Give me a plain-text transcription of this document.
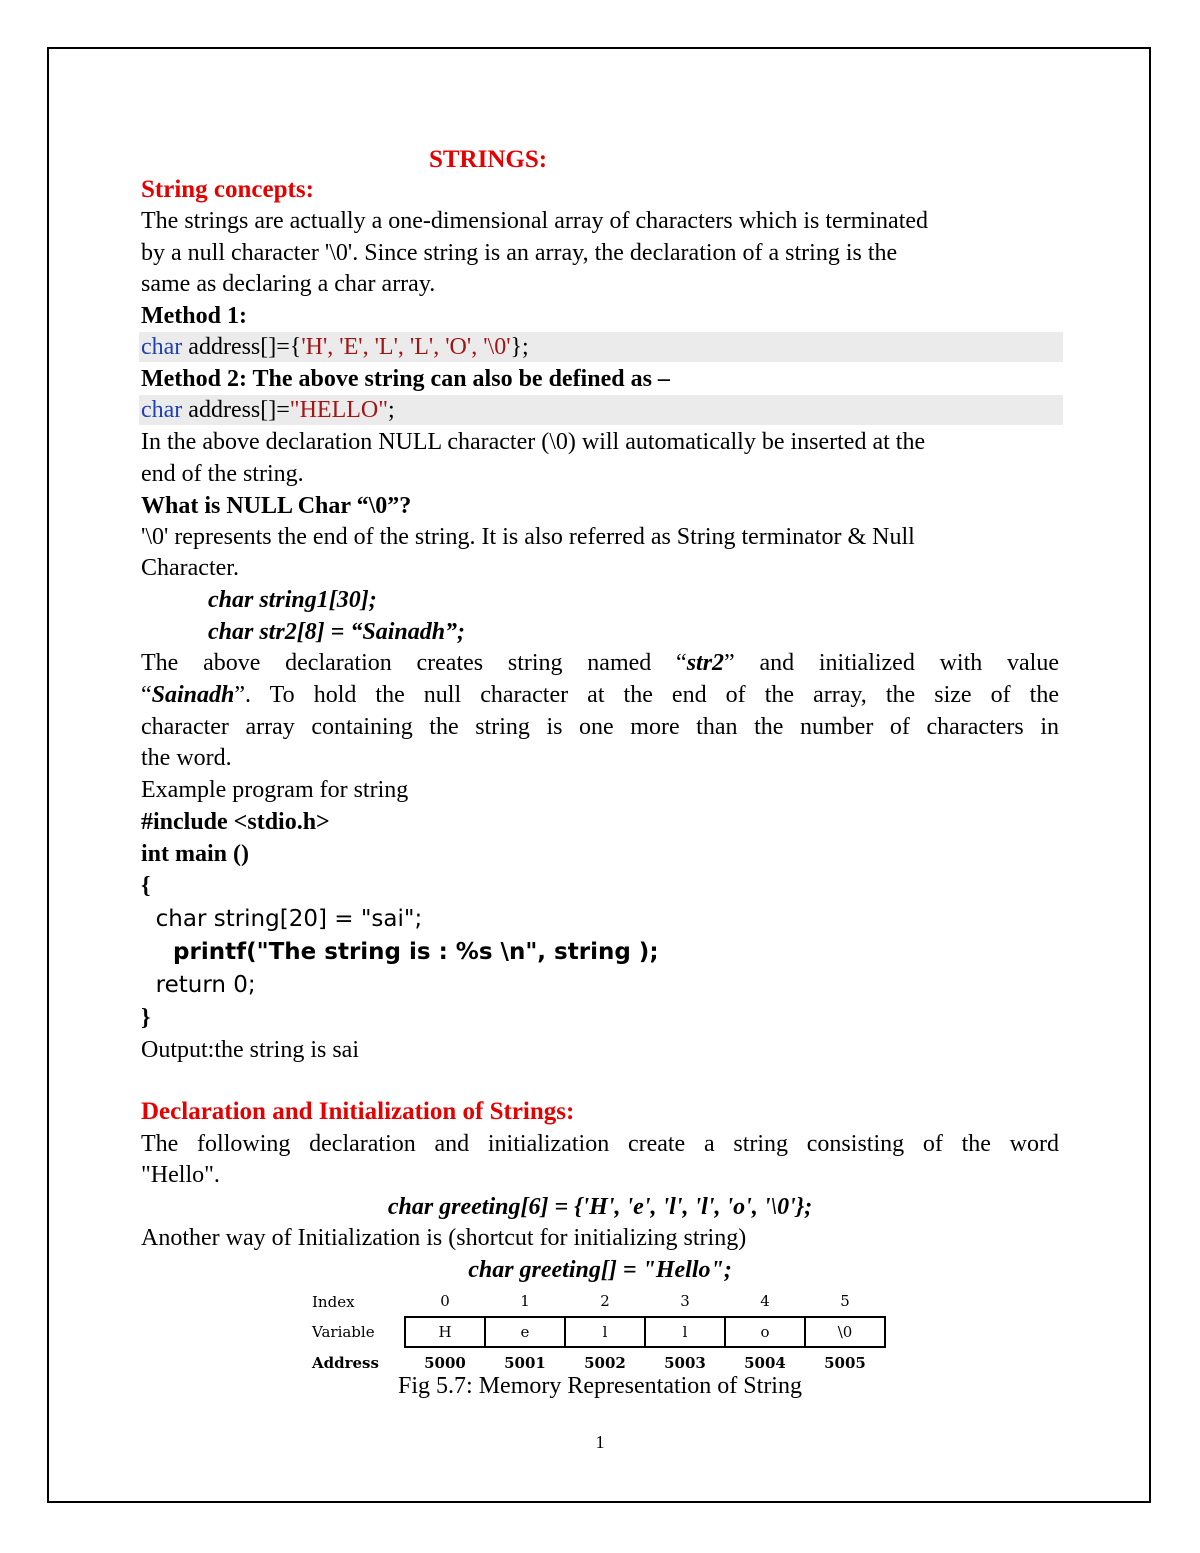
STRINGS:
String concepts:
The strings are actually a one-dimensional array of characters which is terminated
by a null character '\0'. Since string is an array, the declaration of a string is the
same as declaring a char array.
Method 1:
char address[]={'H', 'E', 'L', 'L', 'O', '\0'};
Method 2: The above string can also be defined as –
char address[]="HELLO";
In the above declaration NULL character (\0) will automatically be inserted at the
end of the string.
What is NULL Char “\0”?
'\0' represents the end of the string. It is also referred as String terminator & Null
Character.
char string1[30];
char str2[8] = “Sainadh”;
The above declaration creates string named “str2” and initialized with value
“Sainadh”. To hold the null character at the end of the array, the size of the
character array containing the string is one more than the number of characters in
the word.
Example program for string
#include <stdio.h>
int main ()
{
char string[20] = "sai";
printf("The string is : %s \n", string );
return 0;
}
Output:the string is sai
Declaration and Initialization of Strings:
The following declaration and initialization create a string consisting of the word
"Hello".
char greeting[6] = {'H', 'e', 'l', 'l', 'o', '\0'};
Another way of Initialization is (shortcut for initializing string)
char greeting[] = "Hello";
Index	0	1	2	3	4	5
Variable	H	e	l	l	o	\0
Address	5000	5001	5002	5003	5004	5005
Fig 5.7: Memory Representation of String
1
